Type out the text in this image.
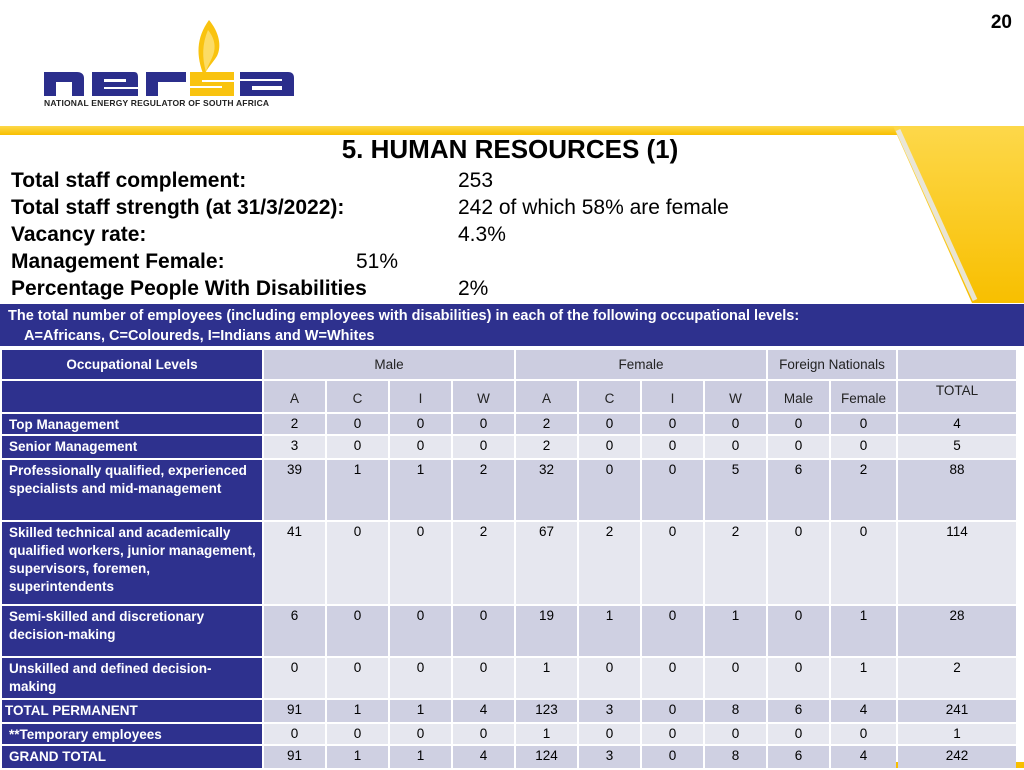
20
NATIONAL ENERGY REGULATOR OF SOUTH AFRICA
5. HUMAN RESOURCES (1)
Total staff complement:	253
Total staff strength (at 31/3/2022):	242 of which 58% are female
Vacancy rate:	4.3%
Management Female:	51%
Percentage People With Disabilities	2%
The total number of employees (including employees with disabilities) in each of the following occupational levels:
A=Africans, C=Coloureds, I=Indians and W=Whites
Occupational Levels	Male				Female				Foreign Nationals			
	A	C	I	W	A	C	I	W	Male	Female	TOTAL	
Top Management	2	0	0	0	2	0	0	0	0	0	4	
Senior Management	3	0	0	0	2	0	0	0	0	0	5	
Professionally qualified, experienced specialists and mid-management	39	1	1	2	32	0	0	5	6	2	88	
Skilled technical and academically qualified workers, junior management, supervisors, foremen, superintendents	41	0	0	2	67	2	0	2	0	0	114	
Semi-skilled and discretionary decision-making	6	0	0	0	19	1	0	1	0	1	28	
Unskilled and defined decision-making	0	0	0	0	1	0	0	0	0	1	2	
TOTAL PERMANENT	91	1	1	4	123	3	0	8	6	4	241	
**Temporary employees	0	0	0	0	1	0	0	0	0	0	1	
GRAND TOTAL	91	1	1	4	124	3	0	8	6	4	242	
